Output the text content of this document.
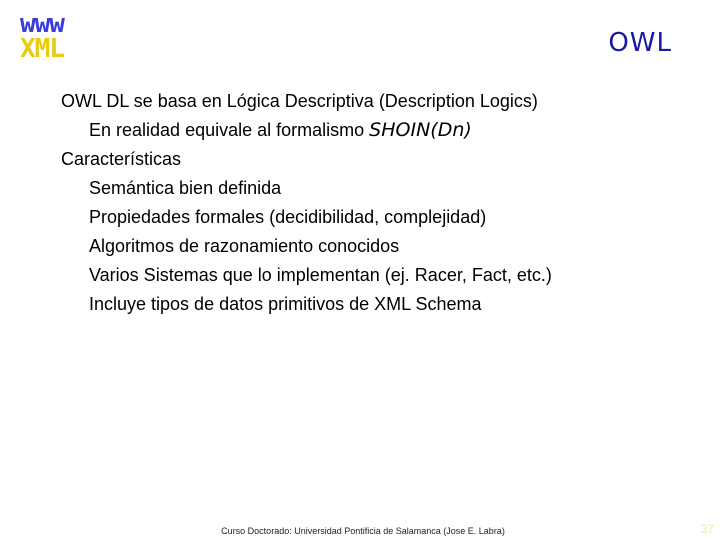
www
XML	OWL
OWL DL se basa en Lógica Descriptiva (Description Logics)
En realidad equivale al formalismo SHOIN(Dn)
Características
Semántica bien definida
Propiedades formales (decidibilidad, complejidad)
Algoritmos de razonamiento conocidos
Varios Sistemas que lo implementan (ej. Racer, Fact, etc.)
Incluye tipos de datos primitivos de XML Schema
Curso Doctorado: Universidad Pontificia de Salamanca (Jose E. Labra)	37
